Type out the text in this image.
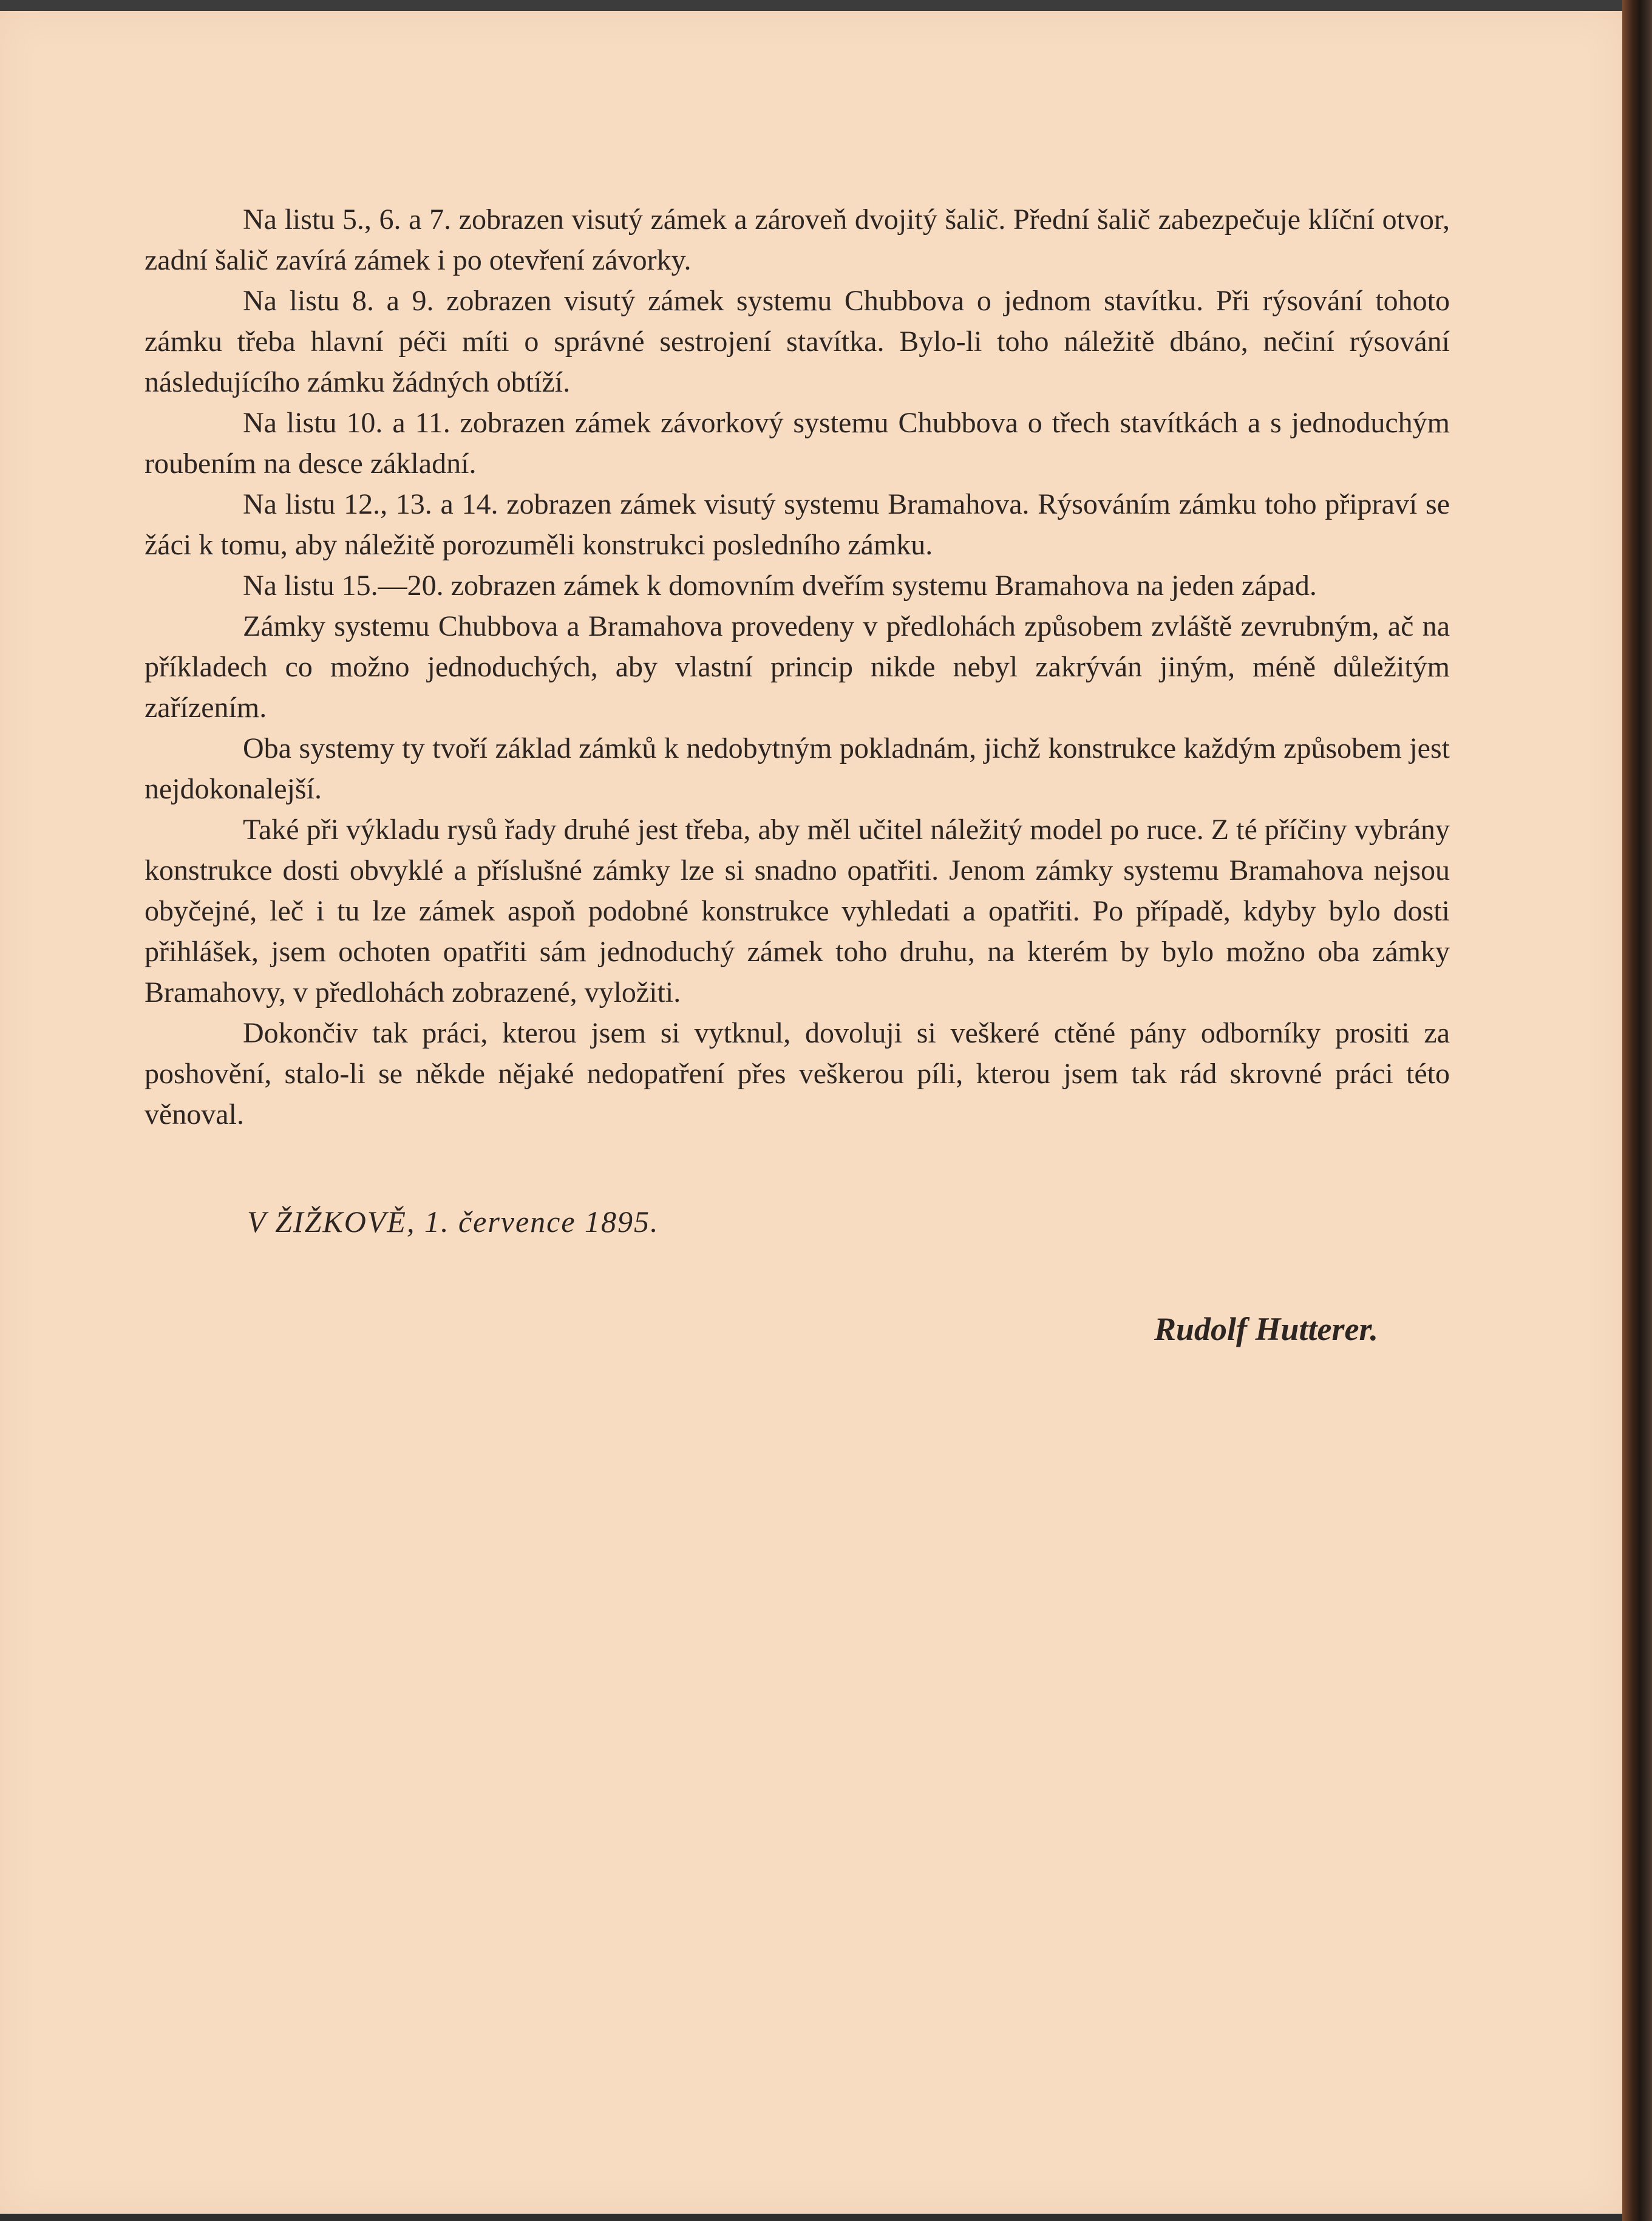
Na listu 5., 6. a 7. zobrazen visutý zámek a zároveň dvojitý šalič. Přední šalič zabezpečuje klíční otvor, zadní šalič zavírá zámek i po otevření závorky.

Na listu 8. a 9. zobrazen visutý zámek systemu Chubbova o jednom stavítku. Při rýsování tohoto zámku třeba hlavní péči míti o správné sestrojení stavítka. Bylo-li toho náležitě dbáno, nečiní rýsování následujícího zámku žádných obtíží.

Na listu 10. a 11. zobrazen zámek závorkový systemu Chubbova o třech stavítkách a s jednoduchým roubením na desce základní.

Na listu 12., 13. a 14. zobrazen zámek visutý systemu Bramahova. Rýsováním zámku toho připraví se žáci k tomu, aby náležitě porozuměli konstrukci posledního zámku.

Na listu 15.—20. zobrazen zámek k domovním dveřím systemu Bramahova na jeden západ.

Zámky systemu Chubbova a Bramahova provedeny v předlohách způsobem zvláště zevrubným, ač na příkladech co možno jednoduchých, aby vlastní princip nikde nebyl zakrýván jiným, méně důležitým zařízením.

Oba systemy ty tvoří základ zámků k nedobytným pokladnám, jichž konstrukce každým způsobem jest nejdokonalejší.

Také při výkladu rysů řady druhé jest třeba, aby měl učitel náležitý model po ruce. Z té příčiny vybrány konstrukce dosti obvyklé a příslušné zámky lze si snadno opatřiti. Jenom zámky systemu Bramahova nejsou obyčejné, leč i tu lze zámek aspoň podobné konstrukce vyhledati a opatřiti. Po případě, kdyby bylo dosti přihlášek, jsem ochoten opatřiti sám jednoduchý zámek toho druhu, na kterém by bylo možno oba zámky Bramahovy, v předlohách zobrazené, vyložiti.

Dokončiv tak práci, kterou jsem si vytknul, dovoluji si veškeré ctěné pány odborníky prositi za poshovění, stalo-li se někde nějaké nedopatření přes veškerou píli, kterou jsem tak rád skrovné práci této věnoval.

V ŽIŽKOVĚ, 1. července 1895.
Rudolf Hutterer.
